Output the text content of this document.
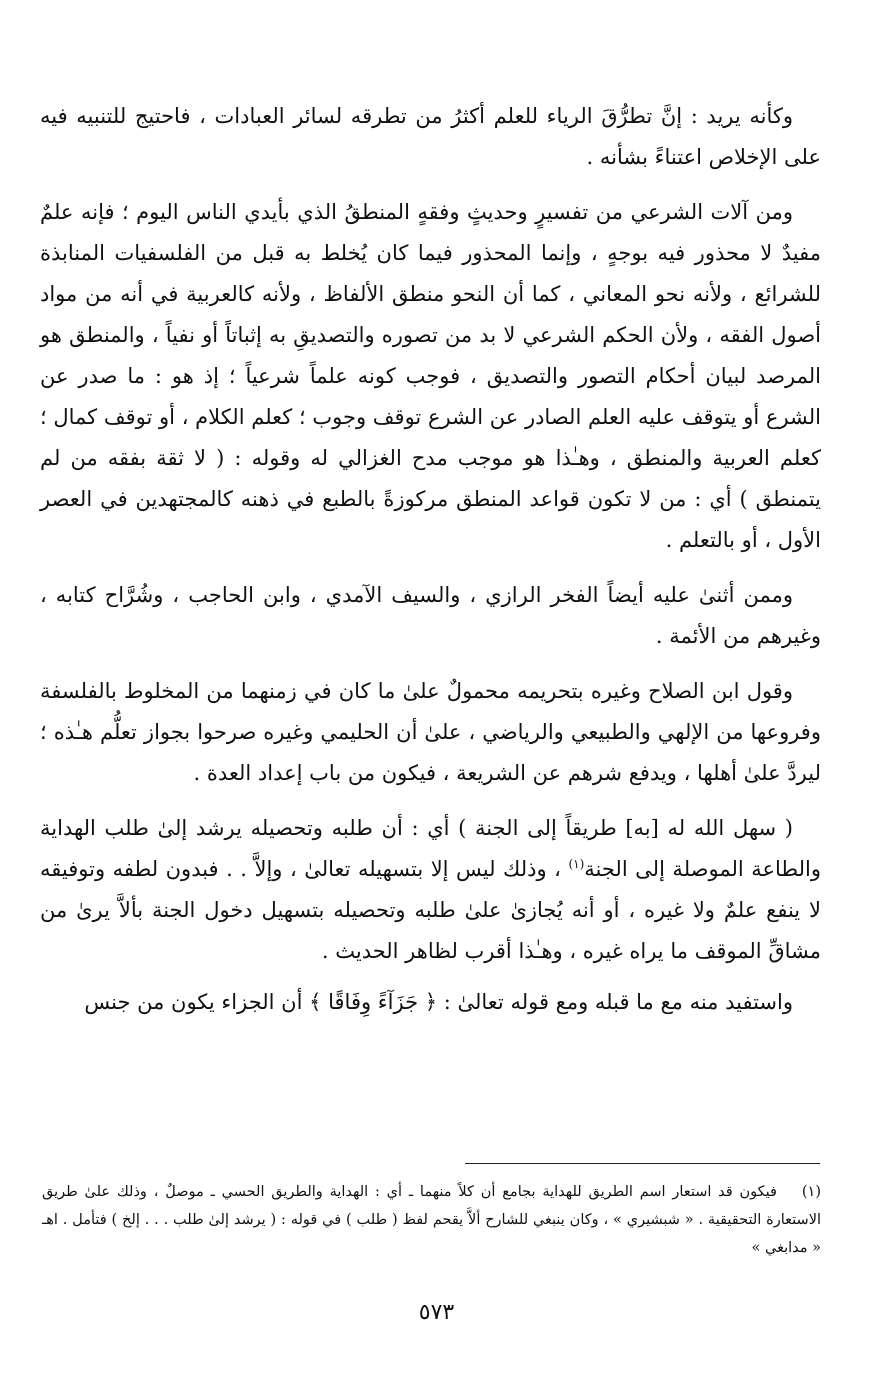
وكأنه يريد : إنَّ تطرُّقَ الرياء للعلم أكثرُ من تطرقه لسائر العبادات ، فاحتيج للتنبيه فيه على الإخلاص اعتناءً بشأنه .

ومن آلات الشرعي من تفسيرٍ وحديثٍ وفقهٍ المنطقُ الذي بأيدي الناس اليوم ؛ فإنه علمٌ مفيدٌ لا محذور فيه بوجهٍ ، وإنما المحذور فيما كان يُخلط به قبل من الفلسفيات المنابذة للشرائع ، ولأنه نحو المعاني ، كما أن النحو منطق الألفاظ ، ولأنه كالعربية في أنه من مواد أصول الفقه ، ولأن الحكم الشرعي لا بد من تصوره والتصديقِ به إثباتاً أو نفياً ، والمنطق هو المرصد لبيان أحكام التصور والتصديق ، فوجب كونه علماً شرعياً ؛ إذ هو : ما صدر عن الشرع أو يتوقف عليه العلم الصادر عن الشرع توقف وجوب ؛ كعلم الكلام ، أو توقف كمال ؛ كعلم العربية والمنطق ، وهـٰذا هو موجب مدح الغزالي له وقوله : ( لا ثقة بفقه من لم يتمنطق ) أي : من لا تكون قواعد المنطق مركوزةً بالطبع في ذهنه كالمجتهدين في العصر الأول ، أو بالتعلم .

وممن أثنىٰ عليه أيضاً الفخر الرازي ، والسيف الآمدي ، وابن الحاجب ، وشُرَّاح كتابه ، وغيرهم من الأئمة .

وقول ابن الصلاح وغيره بتحريمه محمولٌ علىٰ ما كان في زمنهما من المخلوط بالفلسفة وفروعها من الإلهي والطبيعي والرياضي ، علىٰ أن الحليمي وغيره صرحوا بجواز تعلُّم هـٰذه ؛ ليردَّ علىٰ أهلها ، ويدفع شرهم عن الشريعة ، فيكون من باب إعداد العدة .

( سهل الله له [به] طريقاً إلى الجنة ) أي : أن طلبه وتحصيله يرشد إلىٰ طلب الهداية والطاعة الموصلة إلى الجنة$^{(١)}$ ، وذلك ليس إلا بتسهيله تعالىٰ ، وإلاَّ . . فبدون لطفه وتوفيقه لا ينفع علمٌ ولا غيره ، أو أنه يُجازىٰ علىٰ طلبه وتحصيله بتسهيل دخول الجنة بألاَّ يرىٰ من مشاقِّ الموقف ما يراه غيره ، وهـٰذا أقرب لظاهر الحديث .

واستفيد منه مع ما قبله ومع قوله تعالىٰ : ﴿ جَزَآءً وِفَاقًا ﴾ أن الجزاء يكون من جنس

(١)فيكون قد استعار اسم الطريق للهداية بجامع أن كلاً منهما ـ أي : الهداية والطريق الحسي ـ موصلٌ ، وذلك علىٰ طريق الاستعارة التحقيقية . « شبشيري » ، وكان ينبغي للشارح ألاَّ يقحم لفظ ( طلب ) في قوله : ( يرشد إلىٰ طلب . . . إلخ ) فتأمل . اهـ « مدابغي »
٥٧٣
